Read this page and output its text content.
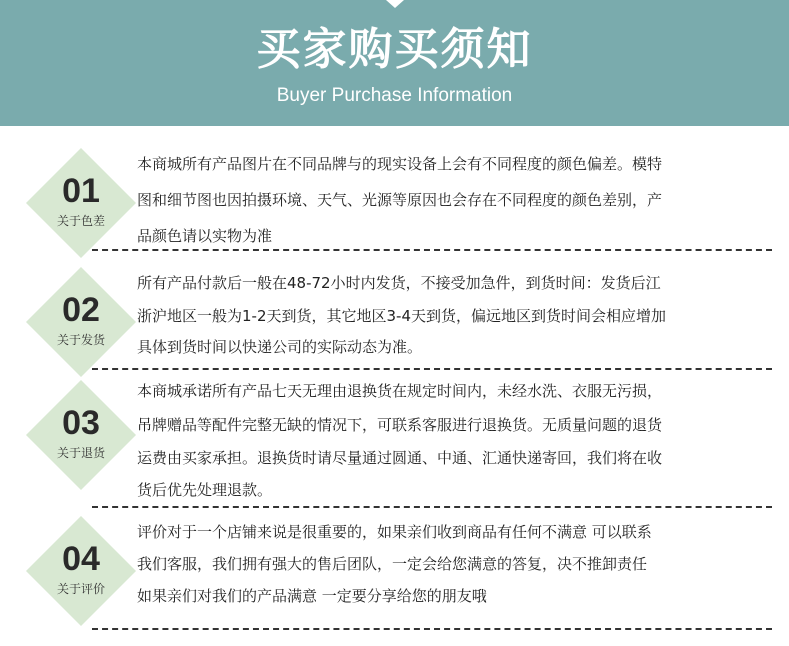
买家购买须知
Buyer Purchase Information
01
关于色差
本商城所有产品图片在不同品牌与的现实设备上会有不同程度的颜色偏差。模特
图和细节图也因拍摄环境、天气、光源等原因也会存在不同程度的颜色差别，产
品颜色请以实物为准
02
关于发货
所有产品付款后一般在48-72小时内发货，不接受加急件，到货时间：发货后江
浙沪地区一般为1-2天到货，其它地区3-4天到货，偏远地区到货时间会相应增加
具体到货时间以快递公司的实际动态为准。
03
关于退货
本商城承诺所有产品七天无理由退换货在规定时间内，未经水洗、衣服无污损，
吊牌赠品等配件完整无缺的情况下，可联系客服进行退换货。无质量问题的退货
运费由买家承担。退换货时请尽量通过圆通、中通、汇通快递寄回，我们将在收
货后优先处理退款。
04
关于评价
评价对于一个店铺来说是很重要的，如果亲们收到商品有任何不满意 可以联系
我们客服，我们拥有强大的售后团队，一定会给您满意的答复，决不推卸责任
如果亲们对我们的产品满意 一定要分享给您的朋友哦
